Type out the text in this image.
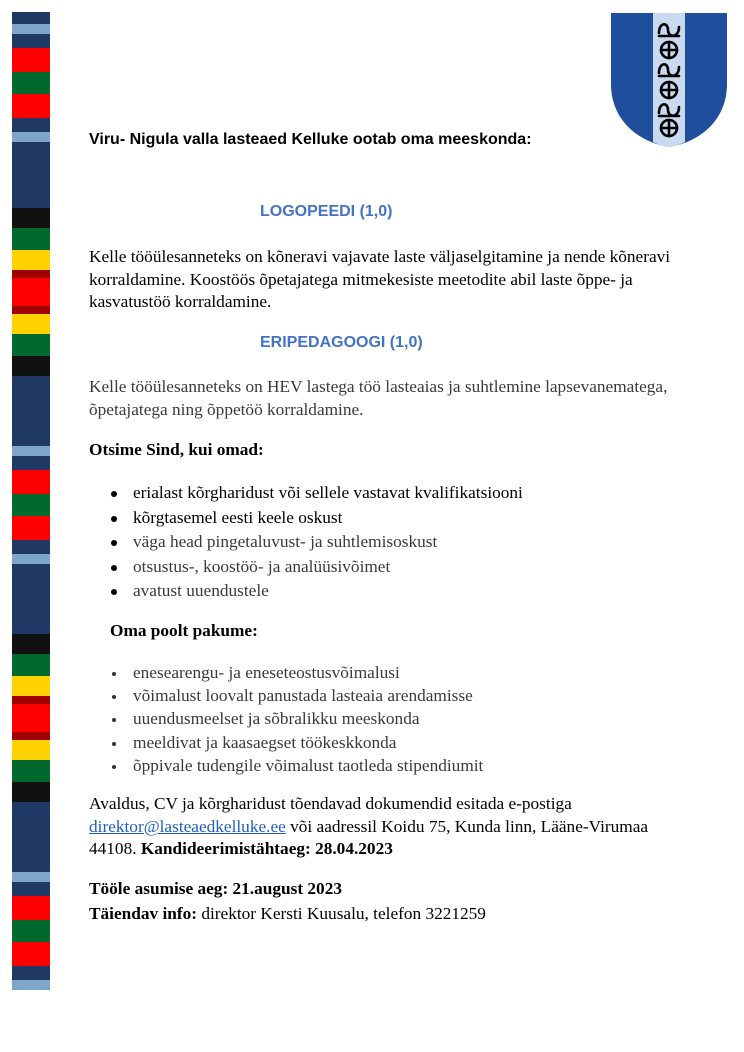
Viru- Nigula valla lasteaed Kelluke ootab oma meeskonda:
LOGOPEEDI (1,0)

Kelle tööülesanneteks on kõneravi vajavate laste väljaselgitamine ja nende kõneravi korraldamine. Koostöös õpetajatega mitmekesiste meetodite abil laste õppe- ja kasvatustöö korraldamine.

ERIPEDAGOOGI (1,0)

Kelle tööülesanneteks on HEV lastega töö lasteaias ja suhtlemine lapsevanematega, õpetajatega ning õppetöö korraldamine.

Otsime Sind, kui omad:
erialast kõrgharidust või sellele vastavat kvalifikatsiooni
kõrgtasemel eesti keele oskust
väga head pingetaluvust- ja suhtlemisoskust
otsustus-, koostöö- ja analüüsivõimet
avatust uuendustele
Oma poolt pakume:
enesearengu- ja eneseteostusvõimalusi
võimalust loovalt panustada lasteaia arendamisse
uuendusmeelset ja sõbralikku meeskonda
meeldivat ja kaasaegset töökeskkonda
õppivale tudengile võimalust taotleda stipendiumit

Avaldus, CV ja kõrgharidust tõendavad dokumendid esitada e-postiga direktor@lasteaedkelluke.ee või aadressil Koidu 75, Kunda linn, Lääne-Virumaa 44108. Kandideerimistähtaeg: 28.04.2023

Tööle asumise aeg: 21.august 2023
Täiendav info: direktor Kersti Kuusalu, telefon 3221259
